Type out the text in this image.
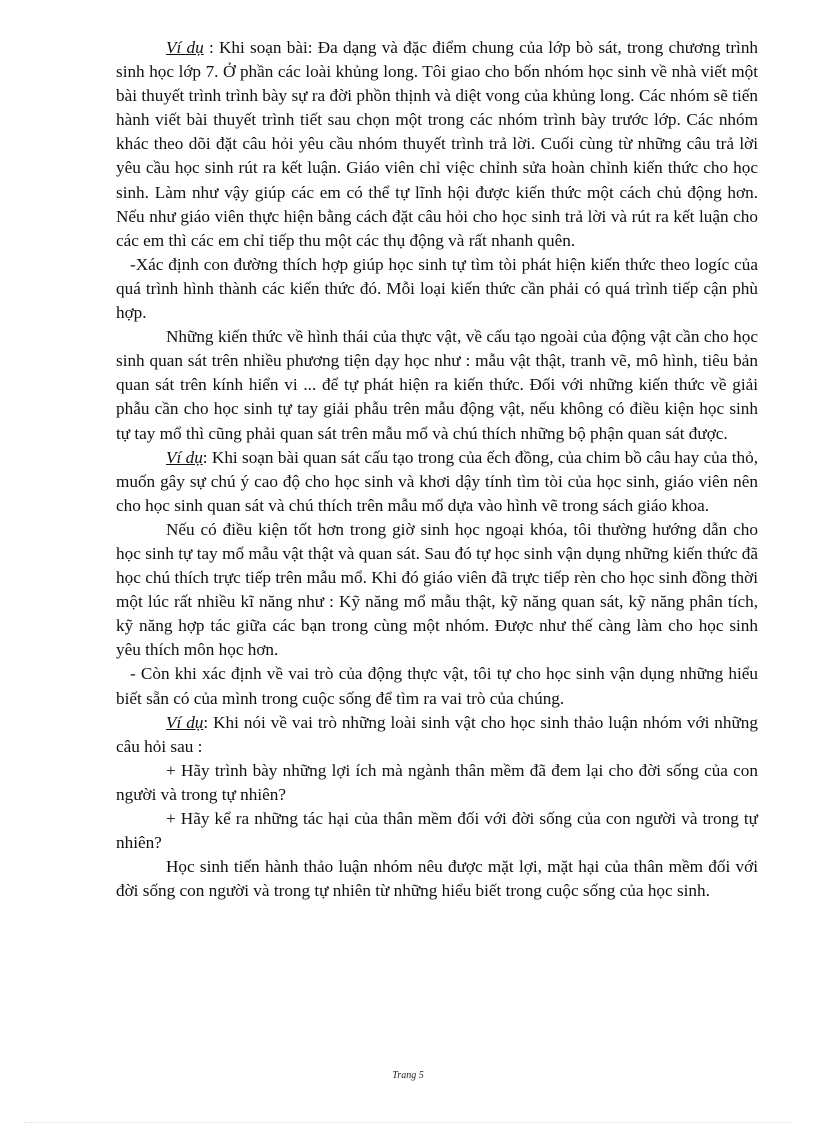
Ví dụ : Khi soạn bài: Đa dạng và đặc điểm chung của lớp bò sát, trong chương trình sinh học lớp 7. Ở phần các loài khủng long. Tôi giao cho bốn nhóm học sinh về nhà viết một bài thuyết trình trình bày sự ra đời phồn thịnh và diệt vong của khủng long. Các nhóm sẽ tiến hành viết bài thuyết trình tiết sau chọn một trong các nhóm trình bày trước lớp. Các nhóm khác theo dõi đặt câu hỏi yêu cầu nhóm thuyết trình trả lời. Cuối cùng từ những câu trả lời yêu cầu học sinh rút ra kết luận. Giáo viên chỉ việc chỉnh sửa hoàn chỉnh kiến thức cho học sinh. Làm như vậy giúp các em có thể tự lĩnh hội được kiến thức một cách chủ động hơn. Nếu như giáo viên thực hiện bằng cách đặt câu hỏi cho học sinh trả lời và rút ra kết luận cho các em thì các em chỉ tiếp thu một các thụ động và rất nhanh quên.

-Xác định con đường thích hợp giúp học sinh tự tìm tòi phát hiện kiến thức theo logíc của quá trình hình thành các kiến thức đó. Mỗi loại kiến thức cần phải có quá trình tiếp cận phù hợp.

Những kiến thức về hình thái của thực vật, về cấu tạo ngoài của động vật cần cho học sinh quan sát trên nhiều phương tiện dạy học như : mẫu vật thật, tranh vẽ, mô hình, tiêu bản quan sát trên kính hiển vi ... để tự phát hiện ra kiến thức. Đối với những kiến thức về giải phẫu cần cho học sinh tự tay giải phẫu trên mẫu động vật, nếu không có điều kiện học sinh tự tay mổ thì cũng phải quan sát trên mẫu mổ và chú thích những bộ phận quan sát được.

Ví dụ: Khi soạn bài quan sát cấu tạo trong của ếch đồng, của chim bồ câu hay của thỏ, muốn gây sự chú ý cao độ cho học sinh và khơi dậy tính tìm tòi của học sinh, giáo viên nên cho học sinh quan sát và chú thích trên mẫu mổ dựa vào hình vẽ trong sách giáo khoa.

Nếu có điều kiện tốt hơn trong giờ sinh học ngoại khóa, tôi thường hướng dẫn cho học sinh tự tay mổ mẫu vật thật và quan sát. Sau đó tự học sinh vận dụng những kiến thức đã học chú thích trực tiếp trên mẫu mổ. Khi đó giáo viên đã trực tiếp rèn cho học sinh đồng thời một lúc rất nhiều kĩ năng như : Kỹ năng mổ mẫu thật, kỹ năng quan sát, kỹ năng phân tích, kỹ năng hợp tác giữa các bạn trong cùng một nhóm. Được như thế càng làm cho học sinh yêu thích môn học hơn.

- Còn khi xác định về vai trò của động thực vật, tôi tự cho học sinh vận dụng những hiểu biết sẵn có của mình trong cuộc sống để tìm ra vai trò của chúng.

Ví dụ: Khi nói về vai trò những loài sinh vật cho học sinh thảo luận nhóm với những câu hỏi sau :

+ Hãy trình bày những lợi ích mà ngành thân mềm đã đem lại cho đời sống của con người và trong tự nhiên?

+ Hãy kể ra những tác hại của thân mềm đối với đời sống của con người và trong tự nhiên?

Học sinh tiến hành thảo luận nhóm nêu được mặt lợi, mặt hại của thân mềm đối với đời sống con người và trong tự nhiên từ những hiểu biết trong cuộc sống của học sinh.

Trang 5
